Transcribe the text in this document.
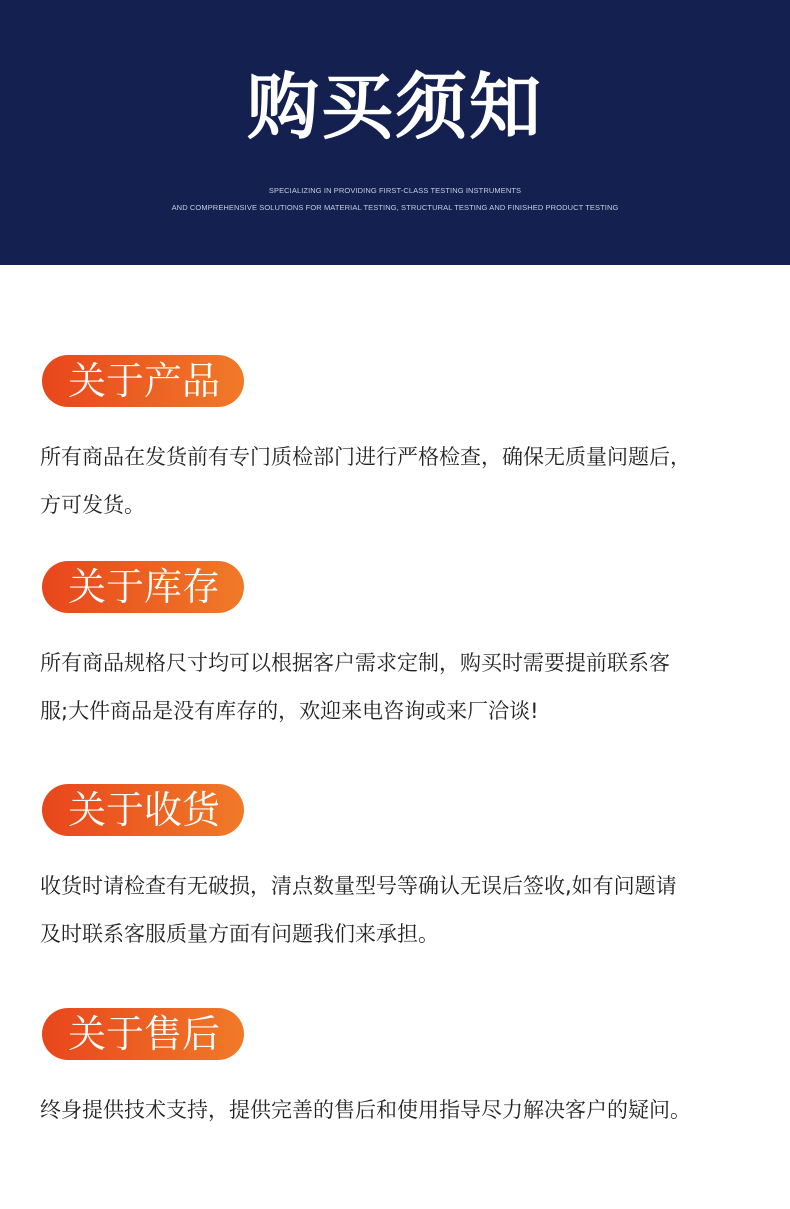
购买须知
SPECIALIZING IN PROVIDING FIRST-CLASS TESTING INSTRUMENTS
AND COMPREHENSIVE SOLUTIONS FOR MATERIAL TESTING, STRUCTURAL TESTING AND FINISHED PRODUCT TESTING
关于产品
所有商品在发货前有专门质检部门进行严格检查，确保无质量问题后，
方可发货。
关于库存
所有商品规格尺寸均可以根据客户需求定制，购买时需要提前联系客
服;大件商品是没有库存的，欢迎来电咨询或来厂洽谈!
关于收货
收货时请检查有无破损，清点数量型号等确认无误后签收,如有问题请
及时联系客服质量方面有问题我们来承担。
关于售后
终身提供技术支持，提供完善的售后和使用指导尽力解决客户的疑问。
